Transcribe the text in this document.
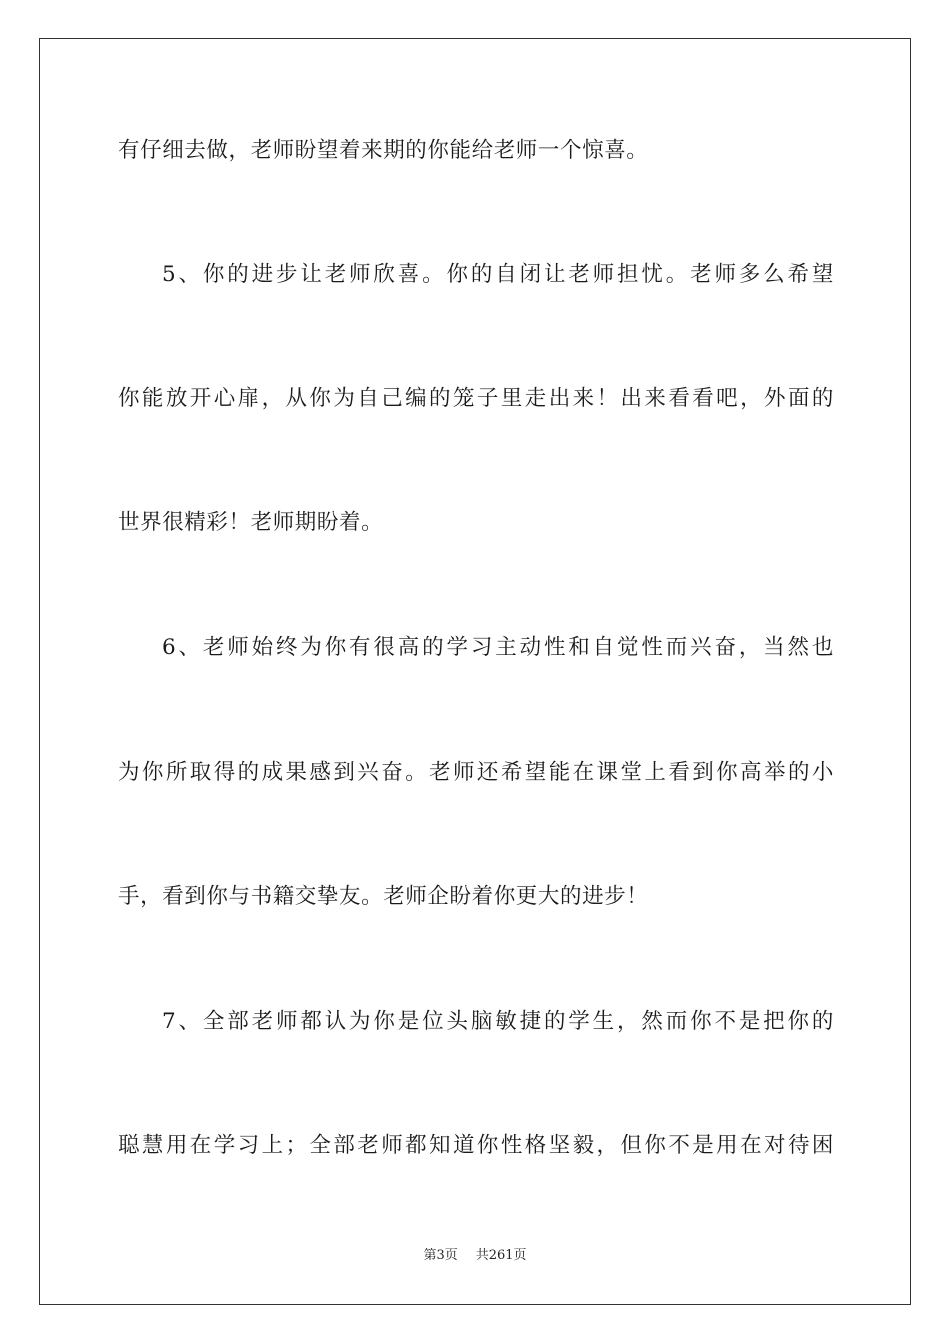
有仔细去做，老师盼望着来期的你能给老师一个惊喜。
5、你的进步让老师欣喜。你的自闭让老师担忧。老师多么希望
你能放开心扉，从你为自己编的笼子里走出来！出来看看吧，外面的
世界很精彩！老师期盼着。
6、老师始终为你有很高的学习主动性和自觉性而兴奋，当然也
为你所取得的成果感到兴奋。老师还希望能在课堂上看到你高举的小
手，看到你与书籍交挚友。老师企盼着你更大的进步！
7、全部老师都认为你是位头脑敏捷的学生，然而你不是把你的
聪慧用在学习上；全部老师都知道你性格坚毅，但你不是用在对待困
第3页 共261页
